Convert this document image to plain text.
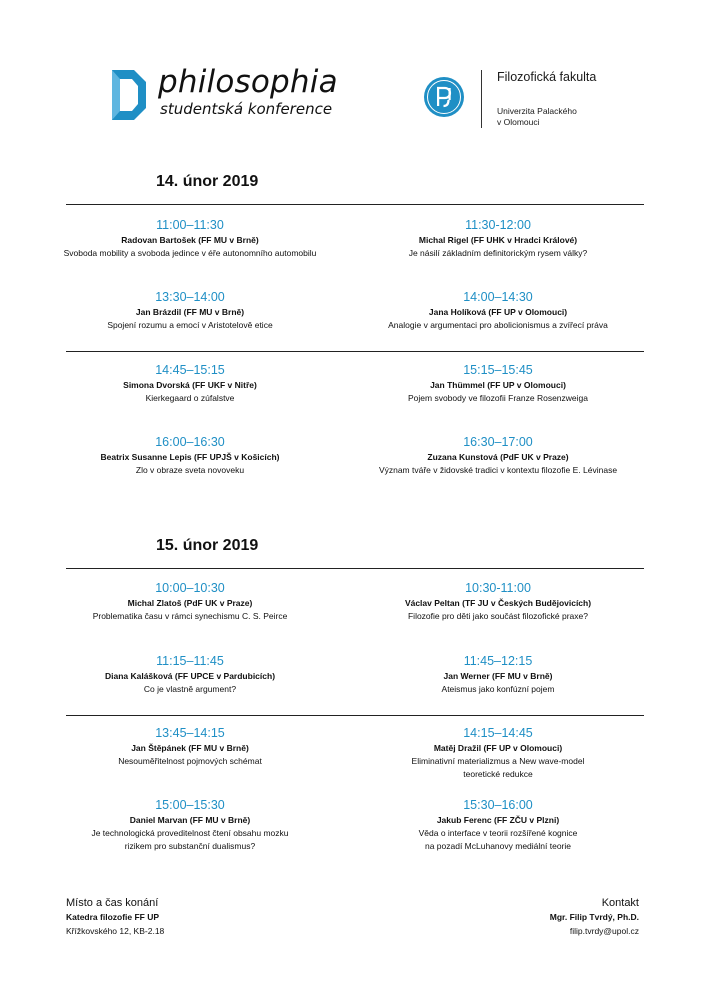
philosophia
studentská konference
Filozofická fakulta
Univerzita Palackého
v Olomouci
14. únor 2019
11:00–11:30
Radovan Bartošek (FF MU v Brně)
Svoboda mobility a svoboda jedince v éře autonomního automobilu
11:30-12:00
Michal Rigel (FF UHK v Hradci Králové)
Je násilí základním definitorickým rysem války?
13:30–14:00
Jan Brázdil (FF MU v Brně)
Spojení rozumu a emocí v Aristotelově etice
14:00–14:30
Jana Holíková (FF UP v Olomouci)
Analogie v argumentaci pro abolicionismus a zvířecí práva
14:45–15:15
Simona Dvorská (FF UKF v Nitře)
Kierkegaard o zúfalstve
15:15–15:45
Jan Thümmel (FF UP v Olomouci)
Pojem svobody ve filozofii Franze Rosenzweiga
16:00–16:30
Beatrix Susanne Lepis (FF UPJŠ v Košicích)
Zlo v obraze sveta novoveku
16:30–17:00
Zuzana Kunstová (PdF UK v Praze)
Význam tváře v židovské tradici v kontextu filozofie E. Lévinase
15. únor 2019
10:00–10:30
Michal Zlatoš (PdF UK v Praze)
Problematika času v rámci synechismu C. S. Peirce
10:30-11:00
Václav Peltan (TF JU v Českých Budějovicích)
Filozofie pro děti jako součást filozofické praxe?
11:15–11:45
Diana Kalášková (FF UPCE v Pardubicích)
Co je vlastně argument?
11:45–12:15
Jan Werner (FF MU v Brně)
Ateismus jako konfúzní pojem
13:45–14:15
Jan Štěpánek (FF MU v Brně)
Nesouměřitelnost pojmových schémat
14:15–14:45
Matěj Dražil (FF UP v Olomouci)
Eliminativní materializmus a New wave-model
teoretické redukce
15:00–15:30
Daniel Marvan (FF MU v Brně)
Je technologická proveditelnost čtení obsahu mozku
rizikem pro substanční dualismus?
15:30–16:00
Jakub Ferenc (FF ZČU v Plzni)
Věda o interface v teorii rozšířené kognice
na pozadí McLuhanovy mediální teorie
Místo a čas konání
Katedra filozofie FF UP
Křížkovského 12, KB-2.18
Kontakt
Mgr. Filip Tvrdý, Ph.D.
filip.tvrdy@upol.cz
